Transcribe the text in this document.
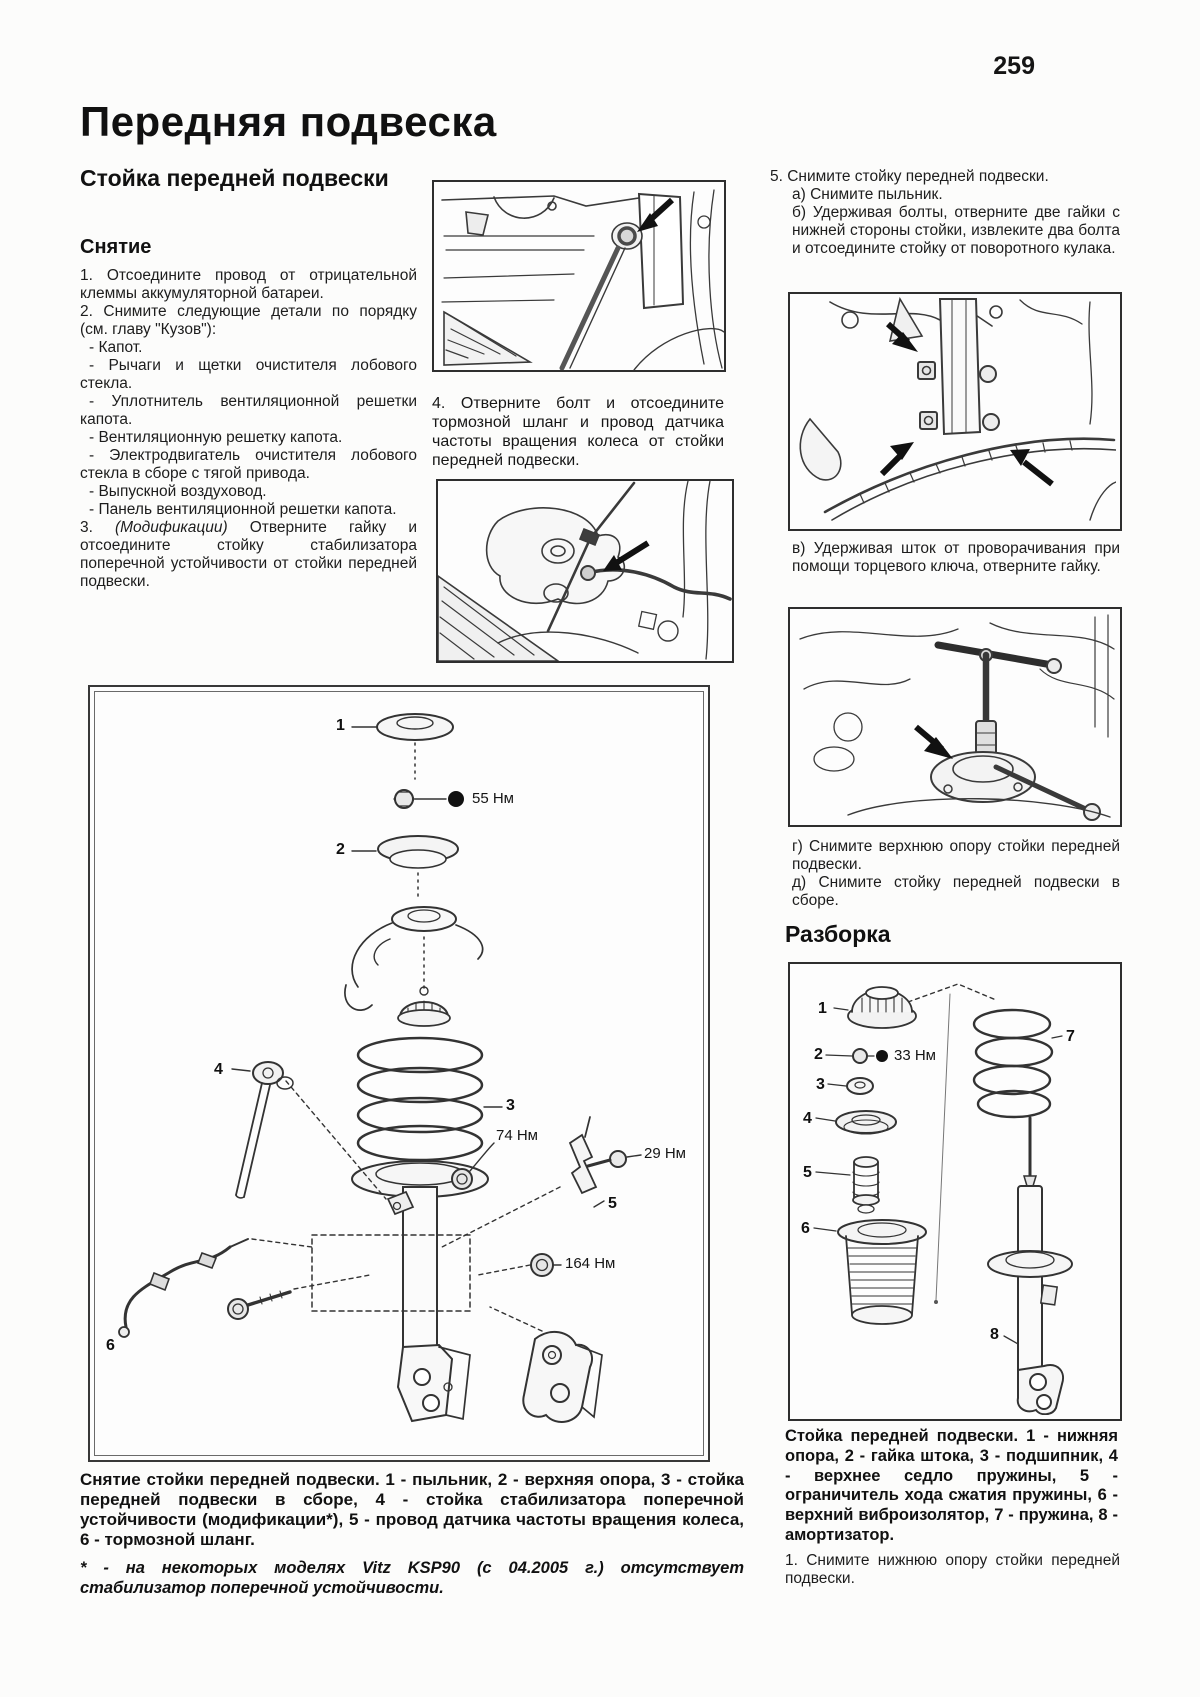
259
Передняя подвеска
Стойка передней подвески
Снятие

1. Отсоедините провод от отрицательной клеммы аккумуляторной батареи.

2. Снимите следующие детали по порядку (см. главу "Кузов"):

- Капот.

- Рычаги и щетки очистителя лобового стекла.

- Уплотнитель вентиляционной решетки капота.

- Вентиляционную решетку капота.

- Электродвигатель очистителя лобового стекла в сборе с тягой привода.

- Выпускной воздуховод.

- Панель вентиляционной решетки капота.

3. (Модификации) Отверните гайку и отсоедините стойку стабилизатора поперечной устойчивости от стойки передней подвески.

4. Отверните болт и отсоедините тормозной шланг и провод датчика частоты вращения колеса от стойки передней подвески.

5. Снимите стойку передней подвески.

а) Снимите пыльник.

б) Удерживая болты, отверните две гайки с нижней стороны стойки, извлеките два болта и отсоедините стойку от поворотного кулака.

в) Удерживая шток от проворачивания при помощи торцевого ключа, отверните гайку.

г) Снимите верхнюю опору стойки передней подвески.

д) Снимите стойку передней подвески в сборе.

Разборка
1
2	33 Нм
3
4
5
6
7
8
Стойка передней подвески. 1 - нижняя опора, 2 - гайка штока, 3 - подшипник, 4 - верхнее седло пружины, 5 - ограничитель хода сжатия пружины, 6 - верхний виброизолятор, 7 - пружина, 8 - амортизатор.
1. Снимите нижнюю опору стойки передней подвески.
1
55 Нм
2
3
4
74 Нм
29 Нм
5
164 Нм
6
Снятие стойки передней подвески. 1 - пыльник, 2 - верхняя опора, 3 - стойка передней подвески в сборе, 4 - стойка стабилизатора поперечной устойчивости (модификации*), 5 - провод датчика частоты вращения колеса, 6 - тормозной шланг.
* - на некоторых моделях Vitz KSP90 (с 04.2005 г.) отсутствует стабилизатор поперечной устойчивости.
